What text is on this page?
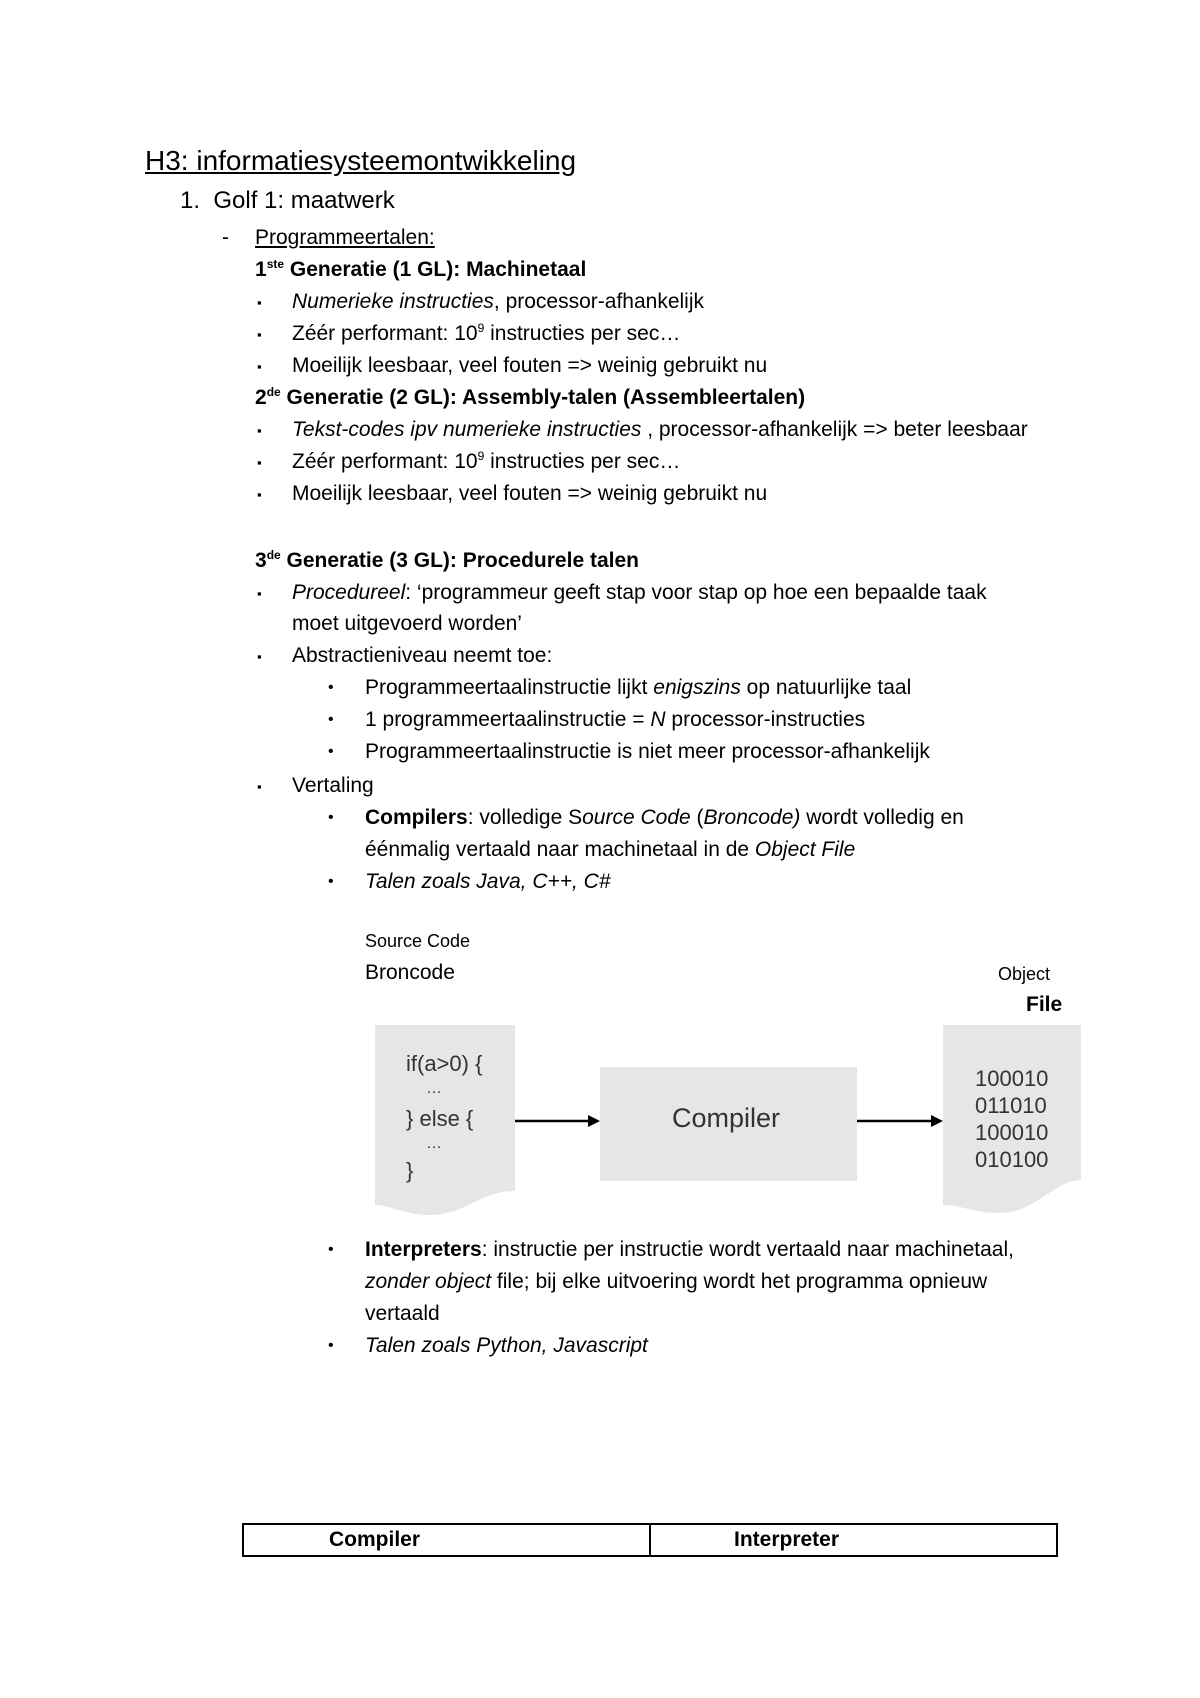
H3: informatiesysteemontwikkeling
1. Golf 1: maatwerk
- Programmeertalen:
1ste Generatie (1 GL): Machinetaal
▪ Numerieke instructies, processor-afhankelijk
▪ Zéér performant: $10^9$ instructies per sec…
▪ Moeilijk leesbaar, veel fouten => weinig gebruikt nu
2de Generatie (2 GL): Assembly-talen (Assembleertalen)
▪ Tekst-codes ipv numerieke instructies , processor-afhankelijk => beter leesbaar
▪ Zéér performant: $10^9$ instructies per sec…
▪ Moeilijk leesbaar, veel fouten => weinig gebruikt nu
3de Generatie (3 GL): Procedurele talen
▪ Procedureel: ‘programmeur geeft stap voor stap op hoe een bepaalde taak
moet uitgevoerd worden’
▪ Abstractieniveau neemt toe:
• Programmeertaalinstructie lijkt enigszins op natuurlijke taal
• 1 programmeertaalinstructie = N processor-instructies
• Programmeertaalinstructie is niet meer processor-afhankelijk
▪ Vertaling
• Compilers: volledige Source Code (Broncode) wordt volledig en
éénmalig vertaald naar machinetaal in de Object File
• Talen zoals Java, C++, C#
Source Code
Broncode	Object
File
if(a>0) {
…
} else {
…
}
Compiler
100010
011010
100010
010100
• Interpreters: instructie per instructie wordt vertaald naar machinetaal,
zonder object file; bij elke uitvoering wordt het programma opnieuw
vertaald
• Talen zoals Python, Javascript
Compiler	Interpreter
